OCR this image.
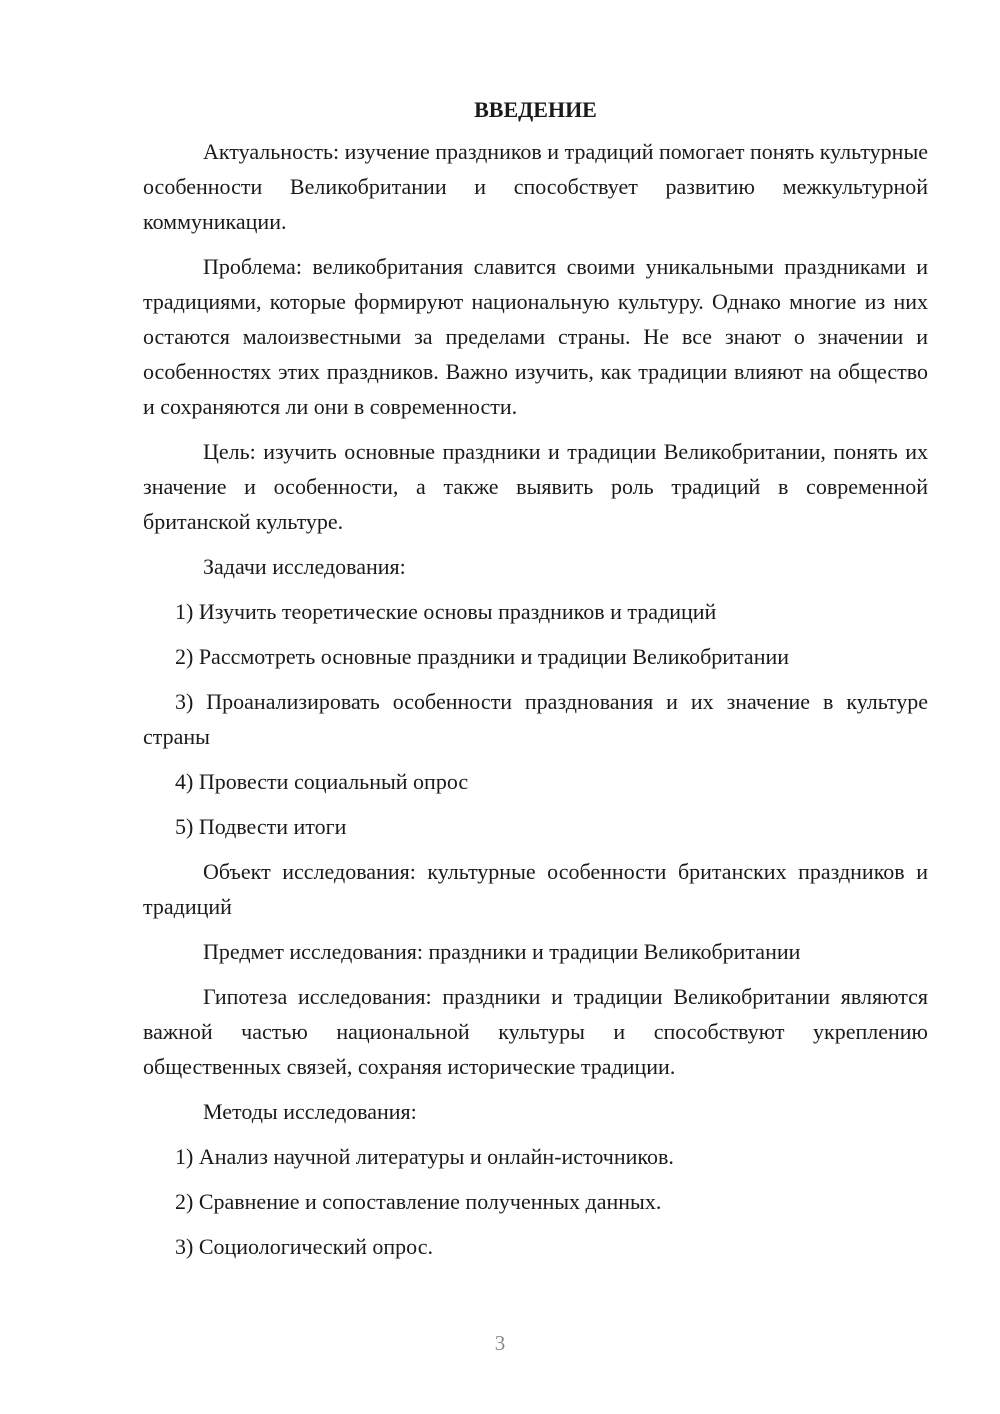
ВВЕДЕНИЕ

Актуальность: изучение праздников и традиций помогает понять культурные особенности Великобритании и способствует развитию межкультурной коммуникации.

Проблема: великобритания славится своими уникальными праздниками и традициями, которые формируют национальную культуру. Однако многие из них остаются малоизвестными за пределами страны. Не все знают о значении и особенностях этих праздников. Важно изучить, как традиции влияют на общество и сохраняются ли они в современности.

Цель: изучить основные праздники и традиции Великобритании, понять их значение и особенности, а также выявить роль традиций в современной британской культуре.

Задачи исследования:

1) Изучить теоретические основы праздников и традиций

2) Рассмотреть основные праздники и традиции Великобритании

3) Проанализировать особенности празднования и их значение в культуре страны

4) Провести социальный опрос

5) Подвести итоги

Объект исследования: культурные особенности британских праздников и традиций

Предмет исследования: праздники и традиции Великобритании

Гипотеза исследования: праздники и традиции Великобритании являются важной частью национальной культуры и способствуют укреплению общественных связей, сохраняя исторические традиции.

Методы исследования:

1) Анализ научной литературы и онлайн-источников.

2) Сравнение и сопоставление полученных данных.

3) Социологический опрос.

3
